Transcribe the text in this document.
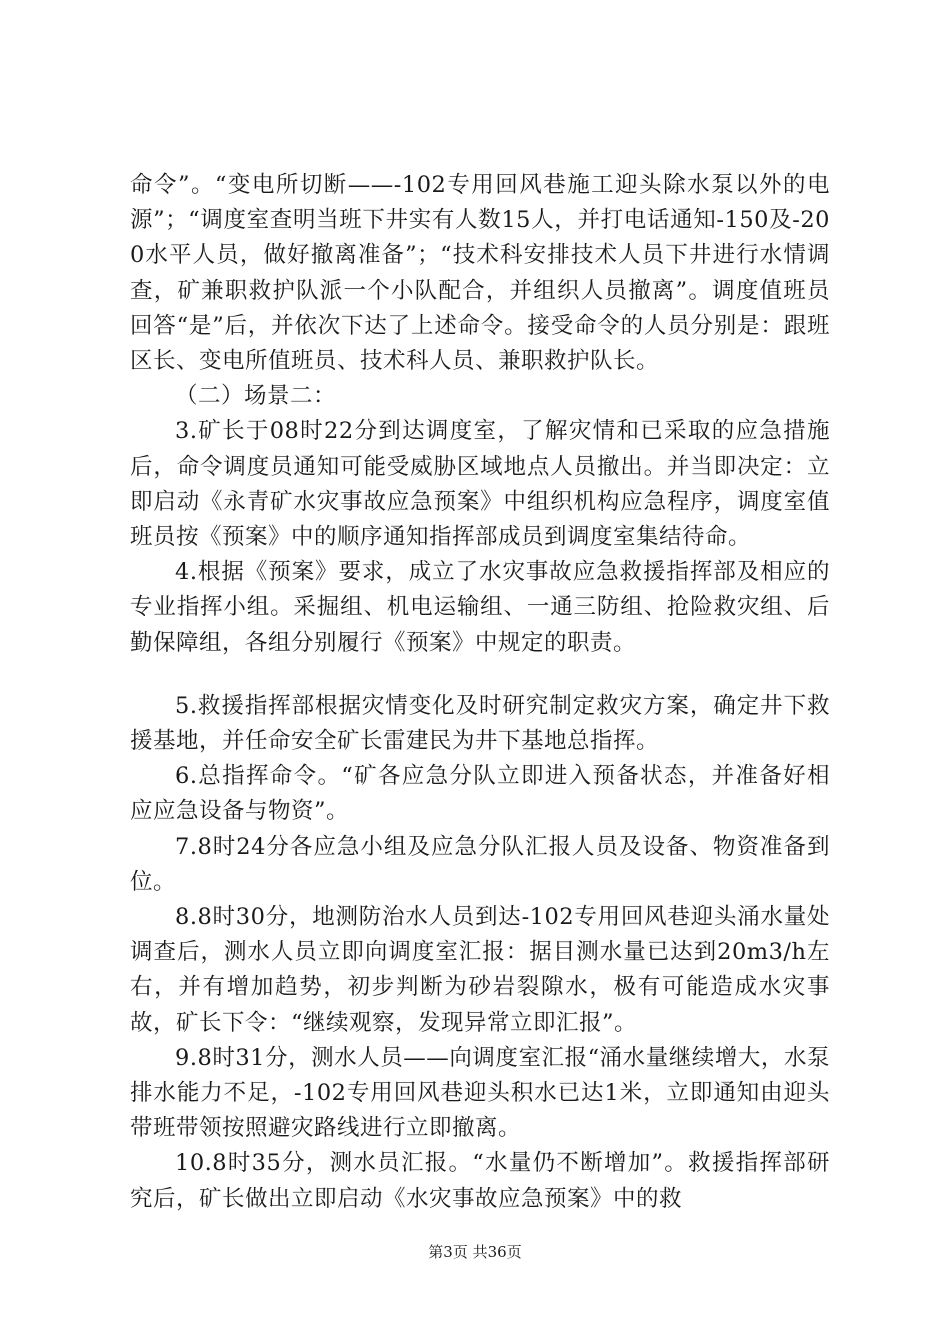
命令”。“变电所切断——-102专用回风巷施工迎头除水泵以外的电源”；“调度室查明当班下井实有人数15人，并打电话通知-150及-200水平人员，做好撤离准备”；“技术科安排技术人员下井进行水情调查，矿兼职救护队派一个小队配合，并组织人员撤离”。调度值班员回答“是”后，并依次下达了上述命令。接受命令的人员分别是：跟班区长、变电所值班员、技术科人员、兼职救护队长。

（二）场景二：

3.矿长于08时22分到达调度室，了解灾情和已采取的应急措施后，命令调度员通知可能受威胁区域地点人员撤出。并当即决定：立即启动《永青矿水灾事故应急预案》中组织机构应急程序，调度室值班员按《预案》中的顺序通知指挥部成员到调度室集结待命。

4.根据《预案》要求，成立了水灾事故应急救援指挥部及相应的专业指挥小组。采掘组、机电运输组、一通三防组、抢险救灾组、后勤保障组，各组分别履行《预案》中规定的职责。

5.救援指挥部根据灾情变化及时研究制定救灾方案，确定井下救援基地，并任命安全矿长雷建民为井下基地总指挥。

6.总指挥命令。“矿各应急分队立即进入预备状态，并准备好相应应急设备与物资”。

7.8时24分各应急小组及应急分队汇报人员及设备、物资准备到位。

8.8时30分，地测防治水人员到达-102专用回风巷迎头涌水量处调查后，测水人员立即向调度室汇报：据目测水量已达到20m3/h左右，并有增加趋势，初步判断为砂岩裂隙水，极有可能造成水灾事故，矿长下令：“继续观察，发现异常立即汇报”。

9.8时31分，测水人员——向调度室汇报“涌水量继续增大，水泵排水能力不足，-102专用回风巷迎头积水已达1米，立即通知由迎头带班带领按照避灾路线进行立即撤离。

10.8时35分，测水员汇报。“水量仍不断增加”。救援指挥部研究后，矿长做出立即启动《水灾事故应急预案》中的救

第3页 共36页
